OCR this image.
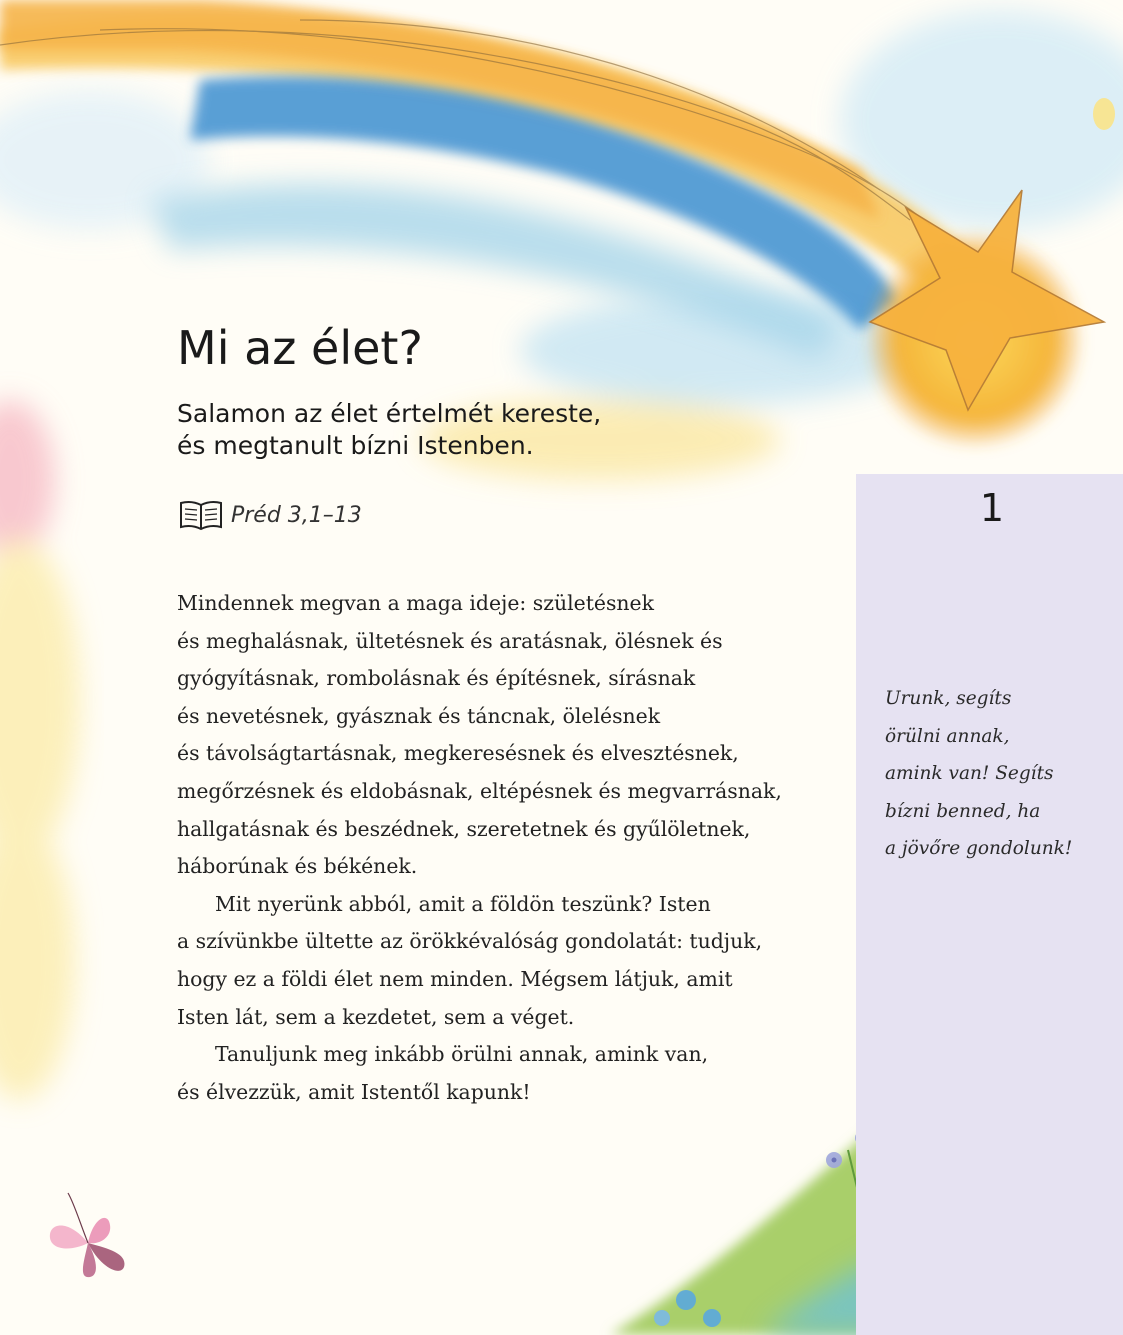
1
Mi az élet?
Salamon az élet értelmét kereste,
és megtanult bízni Istenben.
Préd 3,1–13
Mindennek megvan a maga ideje: születésnek
és meghalásnak, ültetésnek és aratásnak, ölésnek és
gyógyításnak, rombolásnak és építésnek, sírásnak
és nevetésnek, gyásznak és táncnak, ölelésnek
és távolságtartásnak, megkeresésnek és elvesztésnek,
megőrzésnek és eldobásnak, eltépésnek és megvarrásnak,
hallgatásnak és beszédnek, szeretetnek és gyűlöletnek,
háborúnak és békének.
Mit nyerünk abból, amit a földön teszünk? Isten
a szívünkbe ültette az örökkévalóság gondolatát: tudjuk,
hogy ez a földi élet nem minden. Mégsem látjuk, amit
Isten lát, sem a kezdetet, sem a véget.
Tanuljunk meg inkább örülni annak, amink van,
és élvezzük, amit Istentől kapunk!
Urunk, segíts
örülni annak,
amink van! Segíts
bízni benned, ha
a jövőre gondolunk!
